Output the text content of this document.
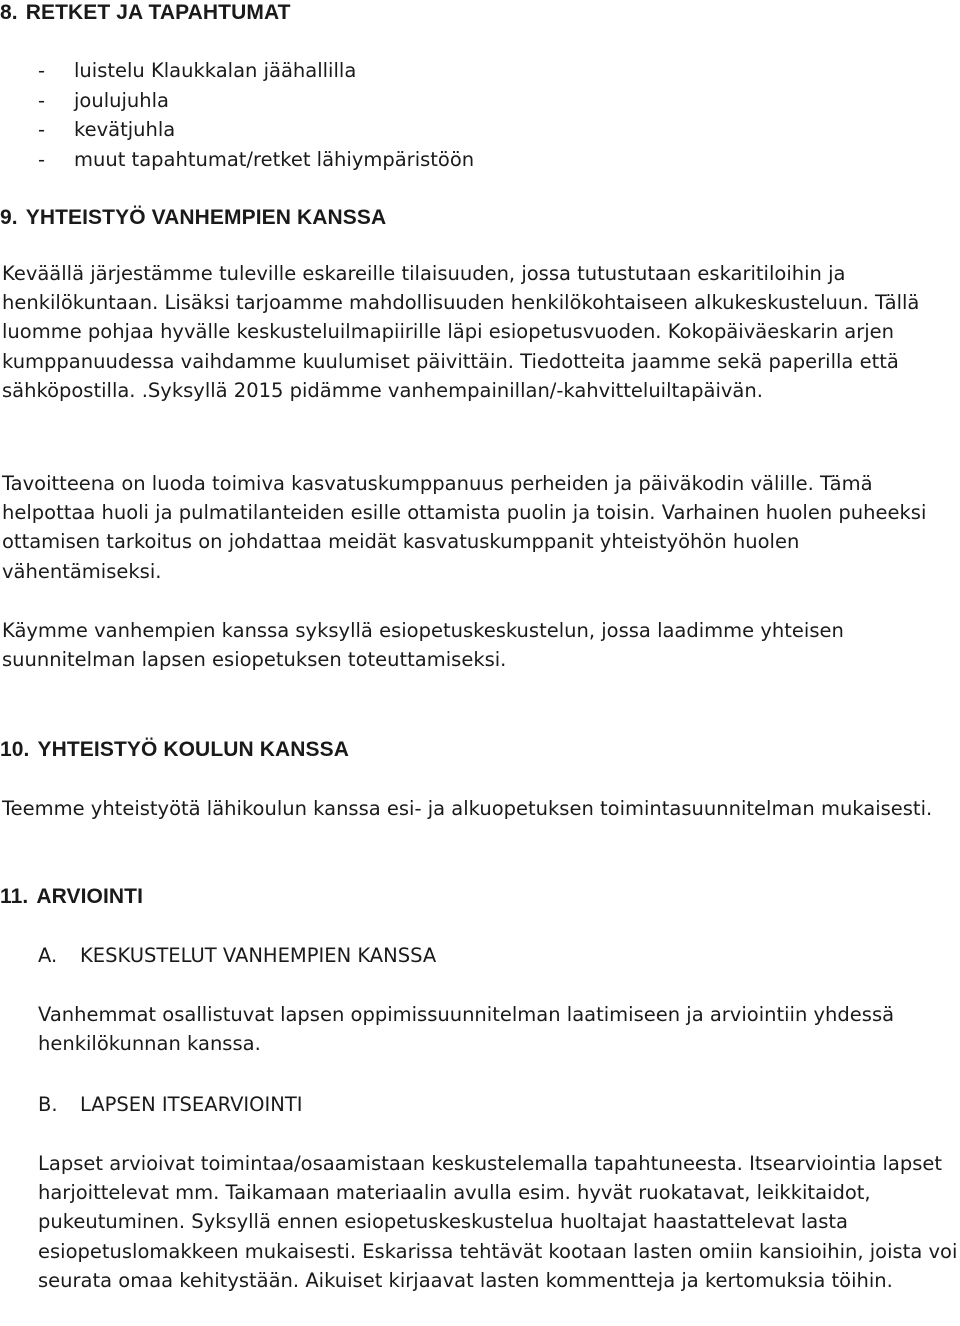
8. RETKET JA TAPAHTUMAT
- luistelu Klaukkalan jäähallilla
- joulujuhla
- kevätjuhla
- muut tapahtumat/retket lähiympäristöön
9. YHTEISTYÖ VANHEMPIEN KANSSA

Keväällä järjestämme tuleville eskareille tilaisuuden, jossa tutustutaan eskaritiloihin ja henkilökuntaan. Lisäksi tarjoamme mahdollisuuden henkilökohtaiseen alkukeskusteluun. Tällä luomme pohjaa hyvälle keskusteluilmapiirille läpi esiopetusvuoden. Kokopäiväeskarin arjen kumppanuudessa vaihdamme kuulumiset päivittäin. Tiedotteita jaamme sekä paperilla että sähköpostilla. .Syksyllä 2015 pidämme vanhempainillan/-kahvitteluiltapäivän.

Tavoitteena on luoda toimiva kasvatuskumppanuus perheiden ja päiväkodin välille. Tämä helpottaa huoli ja pulmatilanteiden esille ottamista puolin ja toisin. Varhainen huolen puheeksi ottamisen tarkoitus on johdattaa meidät kasvatuskumppanit yhteistyöhön huolen vähentämiseksi.

Käymme vanhempien kanssa syksyllä esiopetuskeskustelun, jossa laadimme yhteisen suunnitelman lapsen esiopetuksen toteuttamiseksi.

10. YHTEISTYÖ KOULUN KANSSA

Teemme yhteistyötä lähikoulun kanssa esi- ja alkuopetuksen toimintasuunnitelman mukaisesti.

11. ARVIOINTI
A. KESKUSTELUT VANHEMPIEN KANSSA

Vanhemmat osallistuvat lapsen oppimissuunnitelman laatimiseen ja arviointiin yhdessä henkilökunnan kanssa.

B. LAPSEN ITSEARVIOINTI

Lapset arvioivat toimintaa/osaamistaan keskustelemalla tapahtuneesta. Itsearviointia lapset harjoittelevat mm. Taikamaan materiaalin avulla esim. hyvät ruokatavat, leikkitaidot, pukeutuminen. Syksyllä ennen esiopetuskeskustelua huoltajat haastattelevat lasta esiopetuslomakkeen mukaisesti. Eskarissa tehtävät kootaan lasten omiin kansioihin, joista voi seurata omaa kehitystään. Aikuiset kirjaavat lasten kommentteja ja kertomuksia töihin.
